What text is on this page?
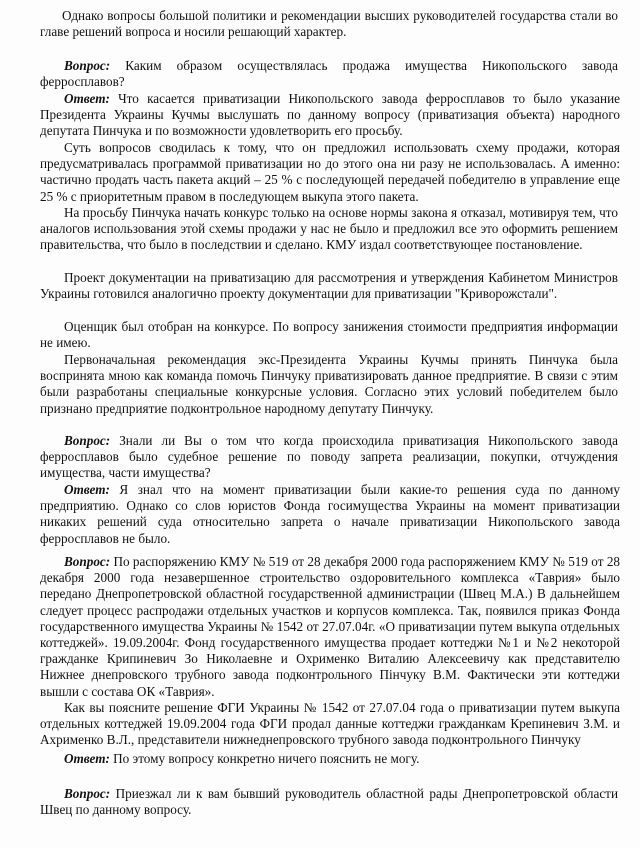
Однако вопросы большой политики и рекомендации высших руководителей государства стали во главе решений вопроса и носили решающий характер.

Вопрос: Каким образом осуществлялась продажа имущества Никопольского завода ферросплавов?

Ответ: Что касается приватизации Никопольского завода ферросплавов то было указание Президента Украины Кучмы выслушать по данному вопросу (приватизация объекта) народного депутата Пинчука и по возможности удовлетворить его просьбу.

Суть вопросов сводилась к тому, что он предложил использовать схему продажи, которая предусматривалась программой приватизации но до этого она ни разу не использовалась. А именно: частично продать часть пакета акций – 25 % с последующей передачей победителю в управление еще 25 % с приоритетным правом в последующем выкупа этого пакета.

На просьбу Пинчука начать конкурс только на основе нормы закона я отказал, мотивируя тем, что аналогов использования этой схемы продажи у нас не было и предложил все это оформить решением правительства, что было в последствии и сделано. КМУ издал соответствующее постановление.

Проект документации на приватизацию для рассмотрения и утверждения Кабинетом Министров Украины готовился аналогично проекту документации для приватизации "Криворожстали".

Оценщик был отобран на конкурсе. По вопросу занижения стоимости предприятия информации не имею.

Первоначальная рекомендация экс-Президента Украины Кучмы принять Пинчука была воспринята мною как команда помочь Пинчуку приватизировать данное предприятие. В связи с этим были разработаны специальные конкурсные условия. Согласно этих условий победителем было признано предприятие подконтрольное народному депутату Пинчуку.

Вопрос: Знали ли Вы о том что когда происходила приватизация Никопольского завода ферросплавов было судебное решение по поводу запрета реализации, покупки, отчуждения имущества, части имущества?

Ответ: Я знал что на момент приватизации были какие-то решения суда по данному предприятию. Однако со слов юристов Фонда госимущества Украины на момент приватизации никаких решений суда относительно запрета о начале приватизации Никопольского завода ферросплавов не было.

Вопрос: По распоряжению КМУ № 519 от 28 декабря 2000 года распоряжением КМУ № 519 от 28 декабря 2000 года незавершенное строительство оздоровительного комплекса «Таврия» было передано Днепропетровской областной государственной администрации (Швец М.А.) В дальнейшем следует процесс распродажи отдельных участков и корпусов комплекса. Так, появился приказ Фонда государственного имущества Украины № 1542 от 27.07.04г. «О приватизации путем выкупа отдельных коттеджей». 19.09.2004г. Фонд государственного имущества продает коттеджи №1 и №2 некоторой гражданке Крипиневич Зо Николаевне и Охрименко Виталию Алексеевичу как представителю Нижнее днепровского трубного завода подконтрольного Пінчуку В.М. Фактически эти коттеджи вышли с состава ОК «Таврия».

Как вы поясните решение ФГИ Украины № 1542 от 27.07.04 года о приватизации путем выкупа отдельных коттеджей 19.09.2004 года ФГИ продал данные коттеджи гражданкам Крепиневич З.М. и Ахрименко В.Л., представители нижнеднепровского трубного завода подконтрольного Пинчуку

Ответ: По этому вопросу конкретно ничего пояснить не могу.

Вопрос: Приезжал ли к вам бывший руководитель областной рады Днепропетровской области Швец по данному вопросу.
